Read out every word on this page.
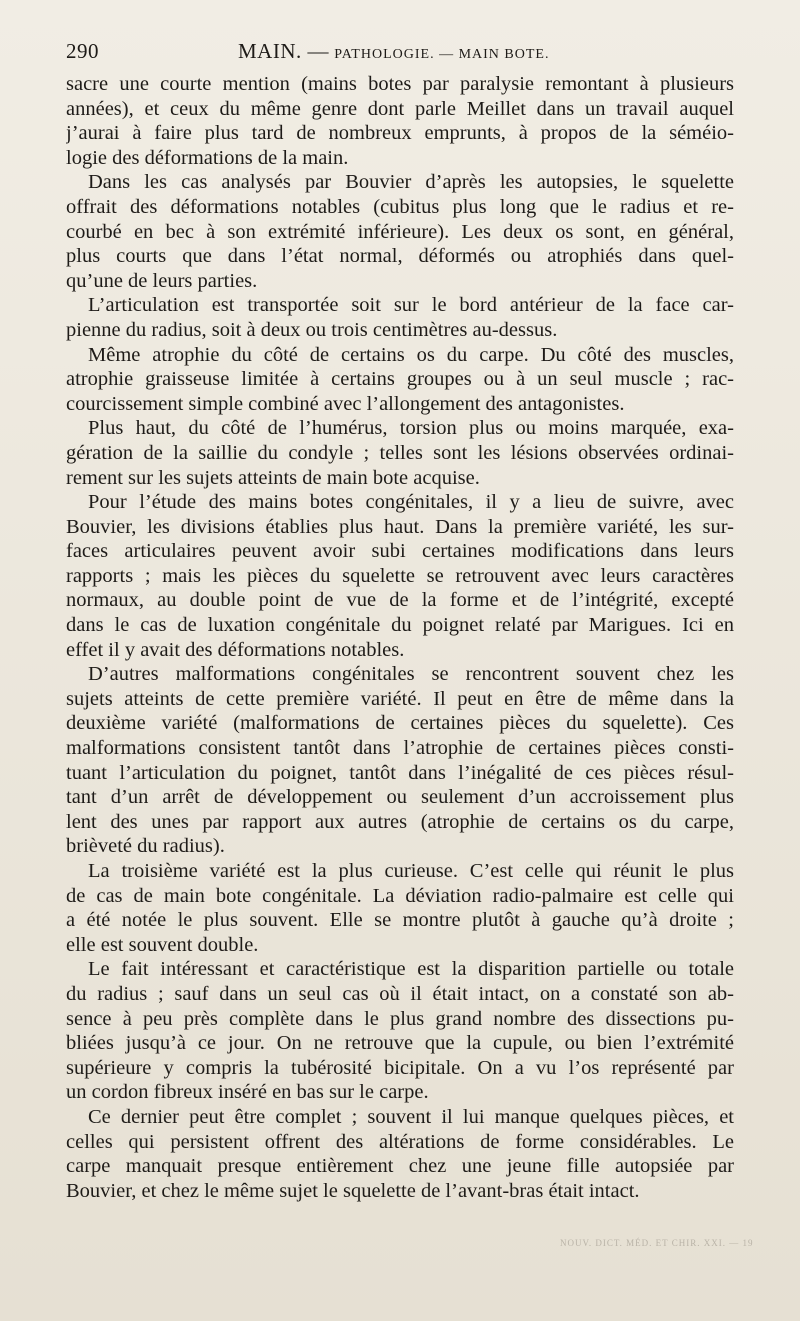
290	MAIN. — PATHOLOGIE. — MAIN BOTE.
sacre une courte mention (mains botes par paralysie remontant à plusieurs
années), et ceux du même genre dont parle Meillet dans un travail auquel
j’aurai à faire plus tard de nombreux emprunts, à propos de la séméio-
logie des déformations de la main.
Dans les cas analysés par Bouvier d’après les autopsies, le squelette
offrait des déformations notables (cubitus plus long que le radius et re-
courbé en bec à son extrémité inférieure). Les deux os sont, en général,
plus courts que dans l’état normal, déformés ou atrophiés dans quel-
qu’une de leurs parties.
L’articulation est transportée soit sur le bord antérieur de la face car-
pienne du radius, soit à deux ou trois centimètres au-dessus.
Même atrophie du côté de certains os du carpe. Du côté des muscles,
atrophie graisseuse limitée à certains groupes ou à un seul muscle ; rac-
courcissement simple combiné avec l’allongement des antagonistes.
Plus haut, du côté de l’humérus, torsion plus ou moins marquée, exa-
gération de la saillie du condyle ; telles sont les lésions observées ordinai-
rement sur les sujets atteints de main bote acquise.
Pour l’étude des mains botes congénitales, il y a lieu de suivre, avec
Bouvier, les divisions établies plus haut. Dans la première variété, les sur-
faces articulaires peuvent avoir subi certaines modifications dans leurs
rapports ; mais les pièces du squelette se retrouvent avec leurs caractères
normaux, au double point de vue de la forme et de l’intégrité, excepté
dans le cas de luxation congénitale du poignet relaté par Marigues. Ici en
effet il y avait des déformations notables.
D’autres malformations congénitales se rencontrent souvent chez les
sujets atteints de cette première variété. Il peut en être de même dans la
deuxième variété (malformations de certaines pièces du squelette). Ces
malformations consistent tantôt dans l’atrophie de certaines pièces consti-
tuant l’articulation du poignet, tantôt dans l’inégalité de ces pièces résul-
tant d’un arrêt de développement ou seulement d’un accroissement plus
lent des unes par rapport aux autres (atrophie de certains os du carpe,
brièveté du radius).
La troisième variété est la plus curieuse. C’est celle qui réunit le plus
de cas de main bote congénitale. La déviation radio-palmaire est celle qui
a été notée le plus souvent. Elle se montre plutôt à gauche qu’à droite ;
elle est souvent double.
Le fait intéressant et caractéristique est la disparition partielle ou totale
du radius ; sauf dans un seul cas où il était intact, on a constaté son ab-
sence à peu près complète dans le plus grand nombre des dissections pu-
bliées jusqu’à ce jour. On ne retrouve que la cupule, ou bien l’extrémité
supérieure y compris la tubérosité bicipitale. On a vu l’os représenté par
un cordon fibreux inséré en bas sur le carpe.
Ce dernier peut être complet ; souvent il lui manque quelques pièces, et
celles qui persistent offrent des altérations de forme considérables. Le
carpe manquait presque entièrement chez une jeune fille autopsiée par
Bouvier, et chez le même sujet le squelette de l’avant-bras était intact.
NOUV. DICT. MÉD. ET CHIR. XXI. — 19
